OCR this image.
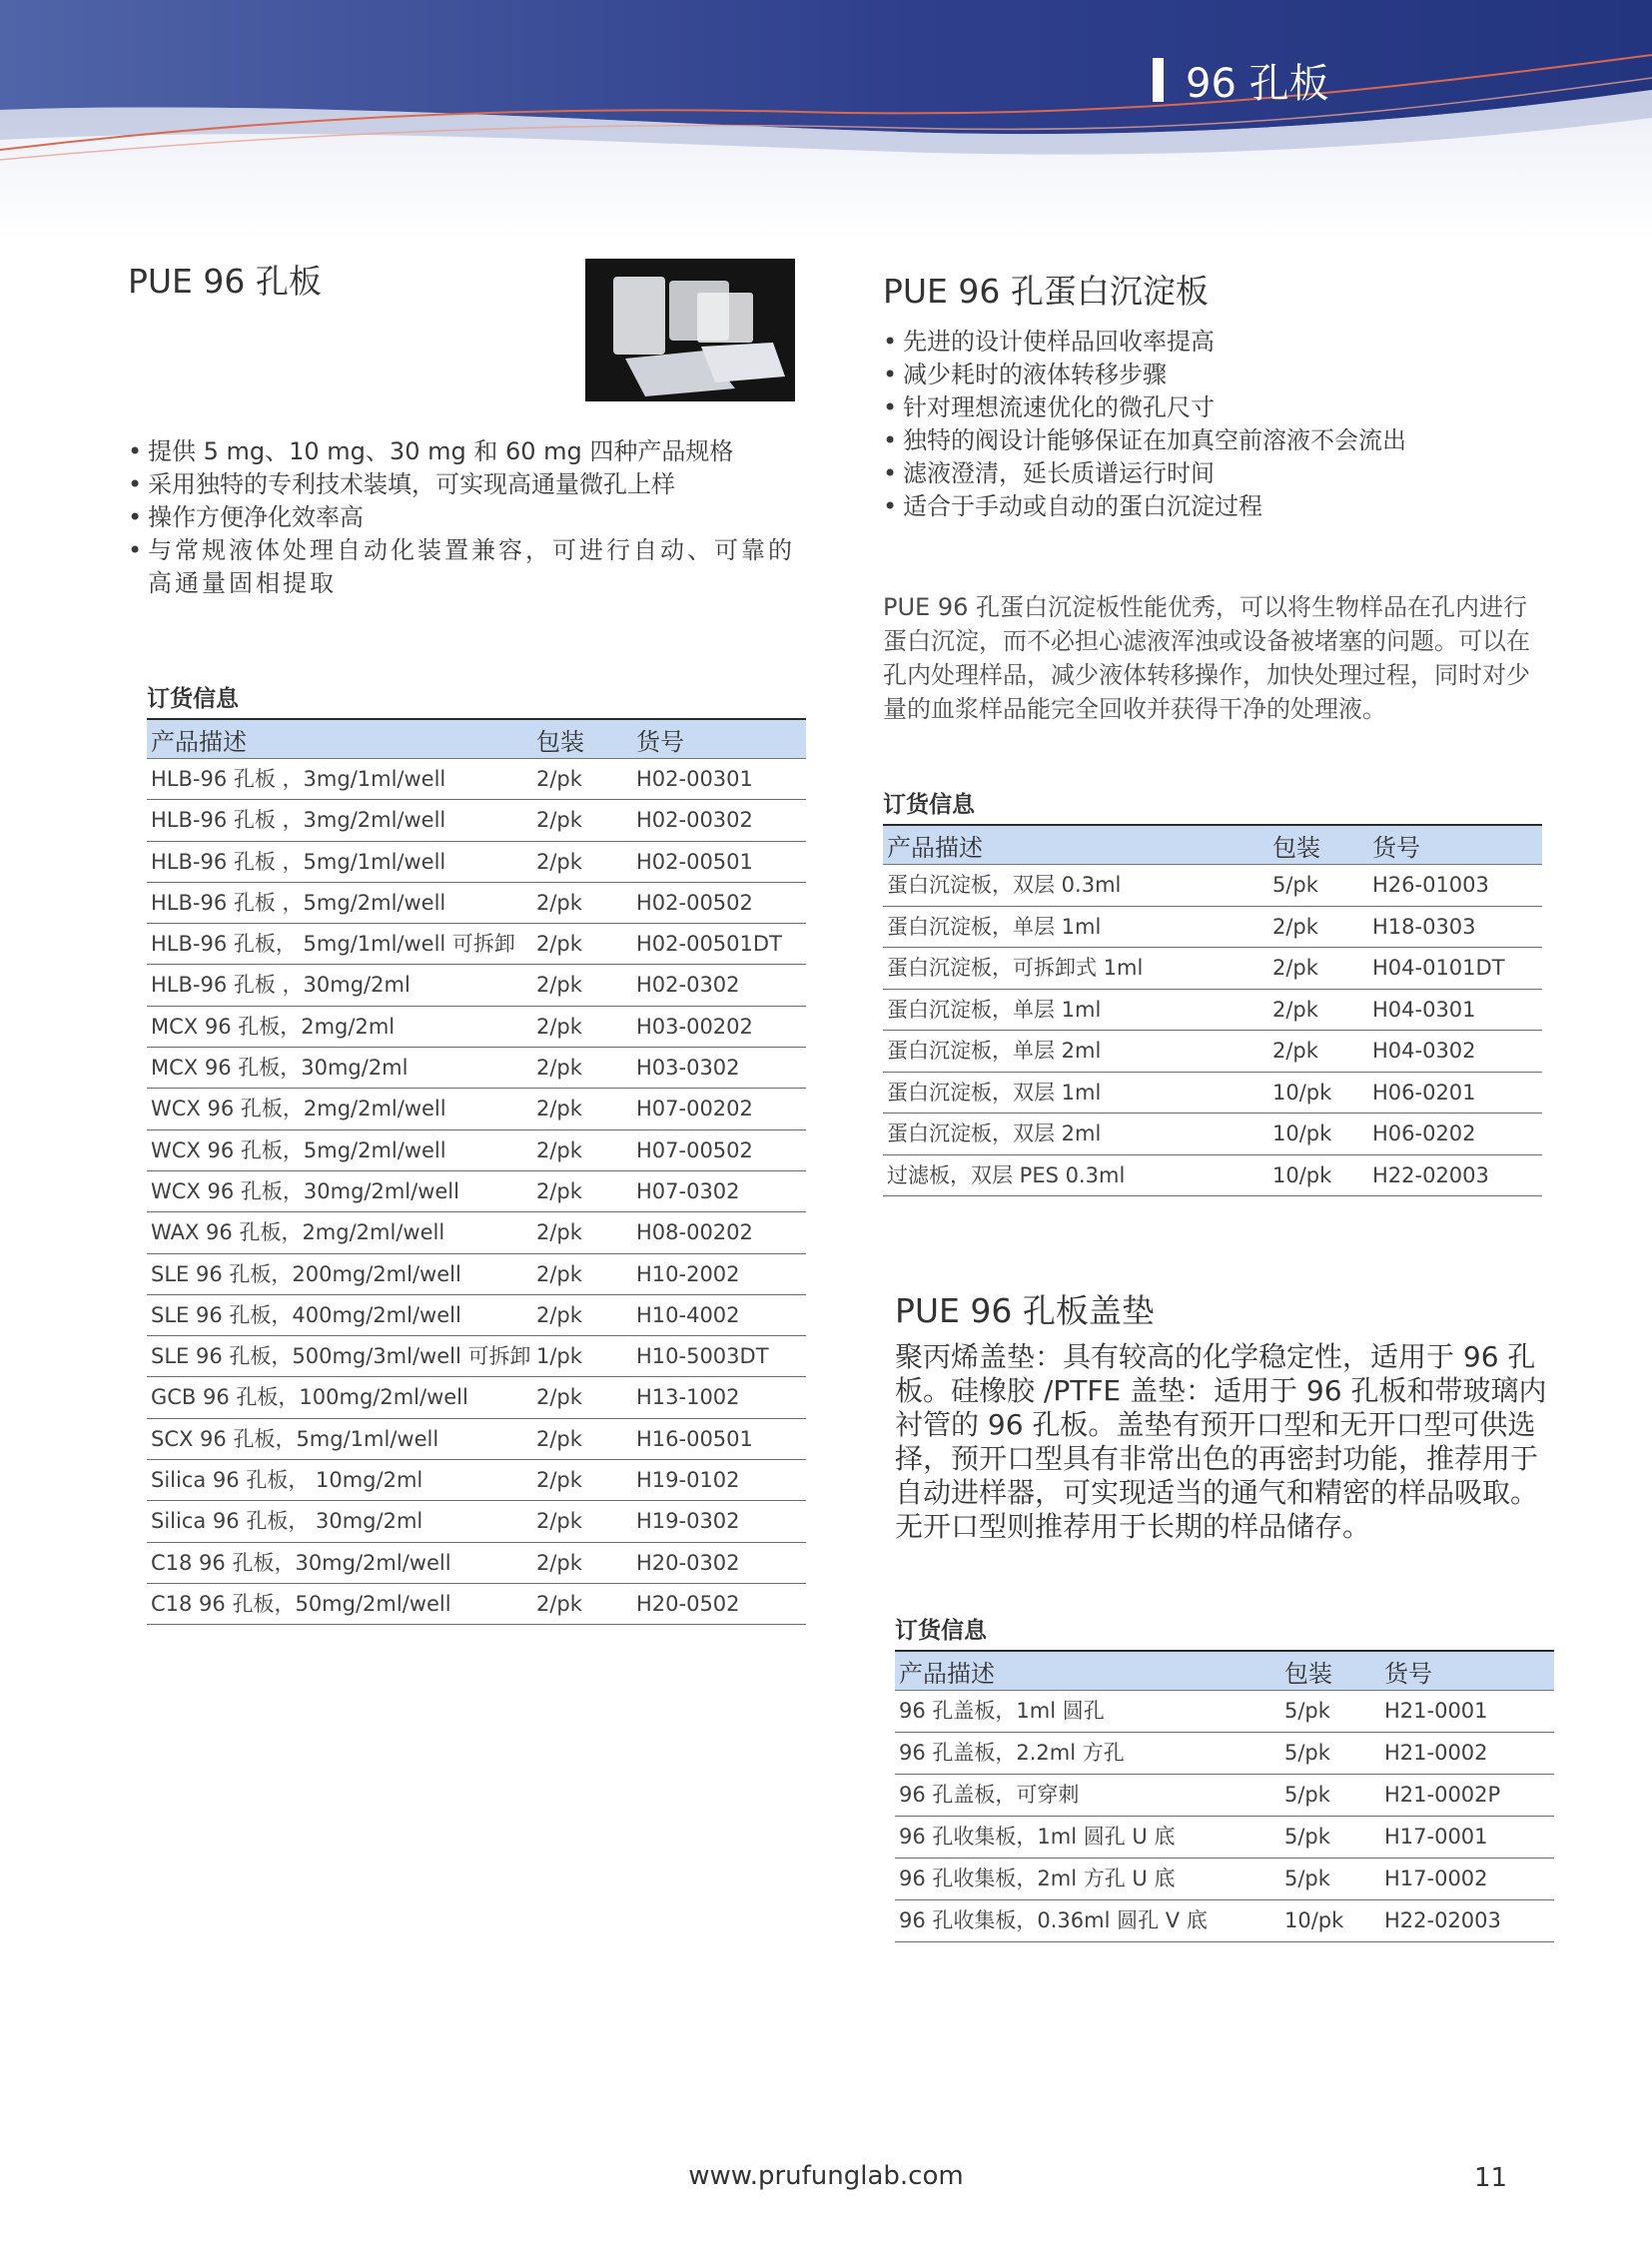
96 孔板
PUE 96 孔板
• 提供 5 mg、10 mg、30 mg 和 60 mg 四种产品规格
• 采用独特的专利技术装填，可实现高通量微孔上样
• 操作方便净化效率高
• 与常规液体处理自动化装置兼容，可进行自动、可靠的高通量固相提取
订货信息
产品描述	包装	货号
HLB-96 孔板 ，3mg/1ml/well	2/pk	H02-00301
HLB-96 孔板 ，3mg/2ml/well	2/pk	H02-00302
HLB-96 孔板 ，5mg/1ml/well	2/pk	H02-00501
HLB-96 孔板 ，5mg/2ml/well	2/pk	H02-00502
HLB-96 孔板， 5mg/1ml/well 可拆卸	2/pk	H02-00501DT
HLB-96 孔板 ，30mg/2ml	2/pk	H02-0302
MCX 96 孔板，2mg/2ml	2/pk	H03-00202
MCX 96 孔板，30mg/2ml	2/pk	H03-0302
WCX 96 孔板，2mg/2ml/well	2/pk	H07-00202
WCX 96 孔板，5mg/2ml/well	2/pk	H07-00502
WCX 96 孔板，30mg/2ml/well	2/pk	H07-0302
WAX 96 孔板，2mg/2ml/well	2/pk	H08-00202
SLE 96 孔板，200mg/2ml/well	2/pk	H10-2002
SLE 96 孔板，400mg/2ml/well	2/pk	H10-4002
SLE 96 孔板，500mg/3ml/well 可拆卸	1/pk	H10-5003DT
GCB 96 孔板，100mg/2ml/well	2/pk	H13-1002
SCX 96 孔板，5mg/1ml/well	2/pk	H16-00501
Silica 96 孔板， 10mg/2ml	2/pk	H19-0102
Silica 96 孔板， 30mg/2ml	2/pk	H19-0302
C18 96 孔板，30mg/2ml/well	2/pk	H20-0302
C18 96 孔板，50mg/2ml/well	2/pk	H20-0502
PUE 96 孔蛋白沉淀板
• 先进的设计使样品回收率提高
• 减少耗时的液体转移步骤
• 针对理想流速优化的微孔尺寸
• 独特的阀设计能够保证在加真空前溶液不会流出
• 滤液澄清，延长质谱运行时间
• 适合于手动或自动的蛋白沉淀过程

PUE 96 孔蛋白沉淀板性能优秀，可以将生物样品在孔内进行蛋白沉淀，而不必担心滤液浑浊或设备被堵塞的问题。可以在孔内处理样品，减少液体转移操作，加快处理过程，同时对少量的血浆样品能完全回收并获得干净的处理液。

订货信息
产品描述	包装	货号
蛋白沉淀板，双层 0.3ml	5/pk	H26-01003
蛋白沉淀板，单层 1ml	2/pk	H18-0303
蛋白沉淀板，可拆卸式 1ml	2/pk	H04-0101DT
蛋白沉淀板，单层 1ml	2/pk	H04-0301
蛋白沉淀板，单层 2ml	2/pk	H04-0302
蛋白沉淀板，双层 1ml	10/pk	H06-0201
蛋白沉淀板，双层 2ml	10/pk	H06-0202
过滤板，双层 PES 0.3ml	10/pk	H22-02003
PUE 96 孔板盖垫

聚丙烯盖垫：具有较高的化学稳定性，适用于 96 孔板。硅橡胶 /PTFE 盖垫：适用于 96 孔板和带玻璃内衬管的 96 孔板。盖垫有预开口型和无开口型可供选择，预开口型具有非常出色的再密封功能，推荐用于自动进样器，可实现适当的通气和精密的样品吸取。无开口型则推荐用于长期的样品储存。

订货信息
产品描述	包装	货号
96 孔盖板，1ml 圆孔	5/pk	H21-0001
96 孔盖板，2.2ml 方孔	5/pk	H21-0002
96 孔盖板，可穿刺	5/pk	H21-0002P
96 孔收集板，1ml 圆孔 U 底	5/pk	H17-0001
96 孔收集板，2ml 方孔 U 底	5/pk	H17-0002
96 孔收集板，0.36ml 圆孔 V 底	10/pk	H22-02003
www.prufunglab.com	11
